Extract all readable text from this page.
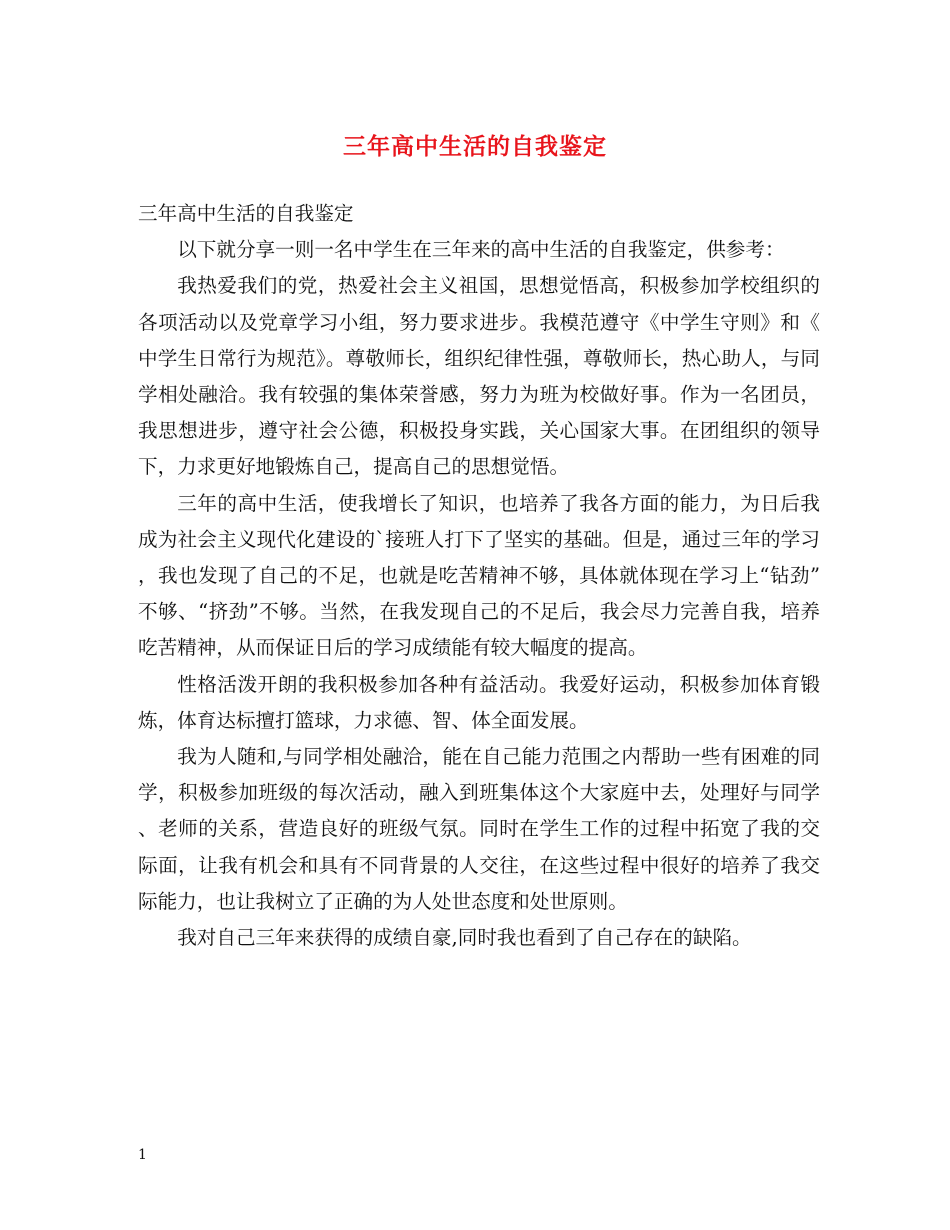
三年高中生活的自我鉴定

三年高中生活的自我鉴定

以下就分享一则一名中学生在三年来的高中生活的自我鉴定，供参考：

我热爱我们的党，热爱社会主义祖国，思想觉悟高，积极参加学校组织的各项活动以及党章学习小组，努力要求进步。我模范遵守《中学生守则》和《中学生日常行为规范》。尊敬师长，组织纪律性强，尊敬师长，热心助人，与同学相处融洽。我有较强的集体荣誉感，努力为班为校做好事。作为一名团员，我思想进步，遵守社会公德，积极投身实践，关心国家大事。在团组织的领导下，力求更好地锻炼自己，提高自己的思想觉悟。

三年的高中生活，使我增长了知识，也培养了我各方面的能力，为日后我成为社会主义现代化建设的`接班人打下了坚实的基础。但是，通过三年的学习，我也发现了自己的不足，也就是吃苦精神不够，具体就体现在学习上“钻劲”不够、“挤劲”不够。当然，在我发现自己的不足后，我会尽力完善自我，培养吃苦精神，从而保证日后的学习成绩能有较大幅度的提高。

性格活泼开朗的我积极参加各种有益活动。我爱好运动，积极参加体育锻炼，体育达标擅打篮球，力求德、智、体全面发展。

我为人随和,与同学相处融洽，能在自己能力范围之内帮助一些有困难的同学，积极参加班级的每次活动，融入到班集体这个大家庭中去，处理好与同学、老师的关系，营造良好的班级气氛。同时在学生工作的过程中拓宽了我的交际面，让我有机会和具有不同背景的人交往，在这些过程中很好的培养了我交际能力，也让我树立了正确的为人处世态度和处世原则。

我对自己三年来获得的成绩自豪,同时我也看到了自己存在的缺陷。

1
